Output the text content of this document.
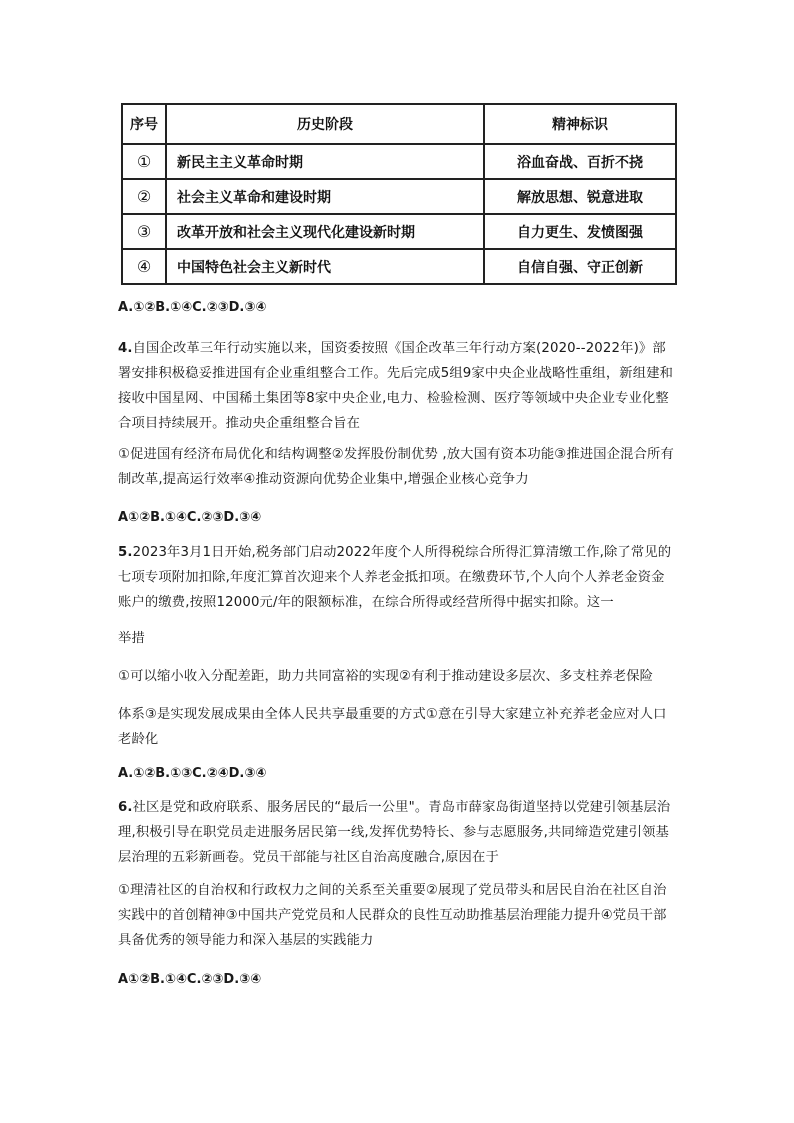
序号	历史阶段	精神标识
①	新民主主义革命时期	浴血奋战、百折不挠
②	社会主义革命和建设时期	解放思想、锐意进取
③	改革开放和社会主义现代化建设新时期	自力更生、发愤图强
④	中国特色社会主义新时代	自信自强、守正创新

A.①②B.①④C.②③D.③④

4.自国企改革三年行动实施以来，国资委按照《国企改革三年行动方案(2020--2022年)》部署安排积极稳妥推进国有企业重组整合工作。先后完成5组9家中央企业战略性重组，新组建和接收中国星网、中国稀土集团等8家中央企业,电力、检验检测、医疗等领域中央企业专业化整合项目持续展开。推动央企重组整合旨在

①促进国有经济布局优化和结构调整②发挥股份制优势 ,放大国有资本功能③推进国企混合所有制改革,提高运行效率④推动资源向优势企业集中,增强企业核心竞争力

A①②B.①④C.②③D.③④

5.2023年3月1日开始,税务部门启动2022年度个人所得税综合所得汇算清缴工作,除了常见的七项专项附加扣除,年度汇算首次迎来个人养老金抵扣项。在缴费环节,个人向个人养老金资金账户的缴费,按照12000元/年的限额标准，在综合所得或经营所得中据实扣除。这一

举措

①可以缩小收入分配差距，助力共同富裕的实现②有利于推动建设多层次、多支柱养老保险

体系③是实现发展成果由全体人民共享最重要的方式①意在引导大家建立补充养老金应对人口老龄化

A.①②B.①③C.②④D.③④

6.社区是党和政府联系、服务居民的“最后一公里"。青岛市薛家岛街道坚持以党建引领基层治理,积极引导在职党员走进服务居民第一线,发挥优势特长、参与志愿服务,共同缔造党建引领基层治理的五彩新画卷。党员干部能与社区自治高度融合,原因在于

①理清社区的自治权和行政权力之间的关系至关重要②展现了党员带头和居民自治在社区自治实践中的首创精神③中国共产党党员和人民群众的良性互动助推基层治理能力提升④党员干部具备优秀的领导能力和深入基层的实践能力

A①②B.①④C.②③D.③④
